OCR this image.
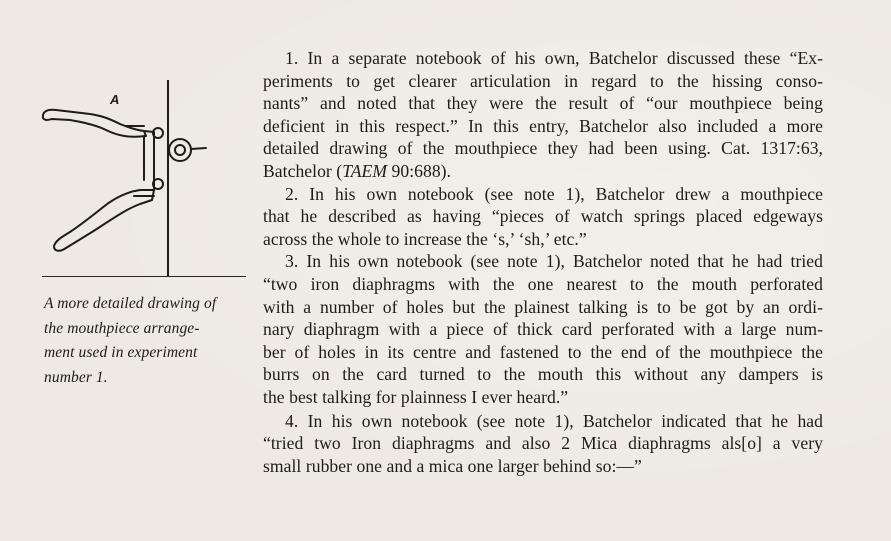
A
A more detailed drawing of
the mouthpiece arrange-
ment used in experiment
number 1.
1. In a separate notebook of his own, Batchelor discussed these “Ex-
periments to get clearer articulation in regard to the hissing conso-
nants” and noted that they were the result of “our mouthpiece being
deficient in this respect.” In this entry, Batchelor also included a more
detailed drawing of the mouthpiece they had been using. Cat. 1317:63,
Batchelor (TAEM 90:688).
2. In his own notebook (see note 1), Batchelor drew a mouthpiece
that he described as having “pieces of watch springs placed edgeways
across the whole to increase the ‘s,’ ‘sh,’ etc.”
3. In his own notebook (see note 1), Batchelor noted that he had tried
“two iron diaphragms with the one nearest to the mouth perforated
with a number of holes but the plainest talking is to be got by an ordi-
nary diaphragm with a piece of thick card perforated with a large num-
ber of holes in its centre and fastened to the end of the mouthpiece the
burrs on the card turned to the mouth this without any dampers is
the best talking for plainness I ever heard.”
4. In his own notebook (see note 1), Batchelor indicated that he had
“tried two Iron diaphragms and also 2 Mica diaphragms als[o] a very
small rubber one and a mica one larger behind so:—”
